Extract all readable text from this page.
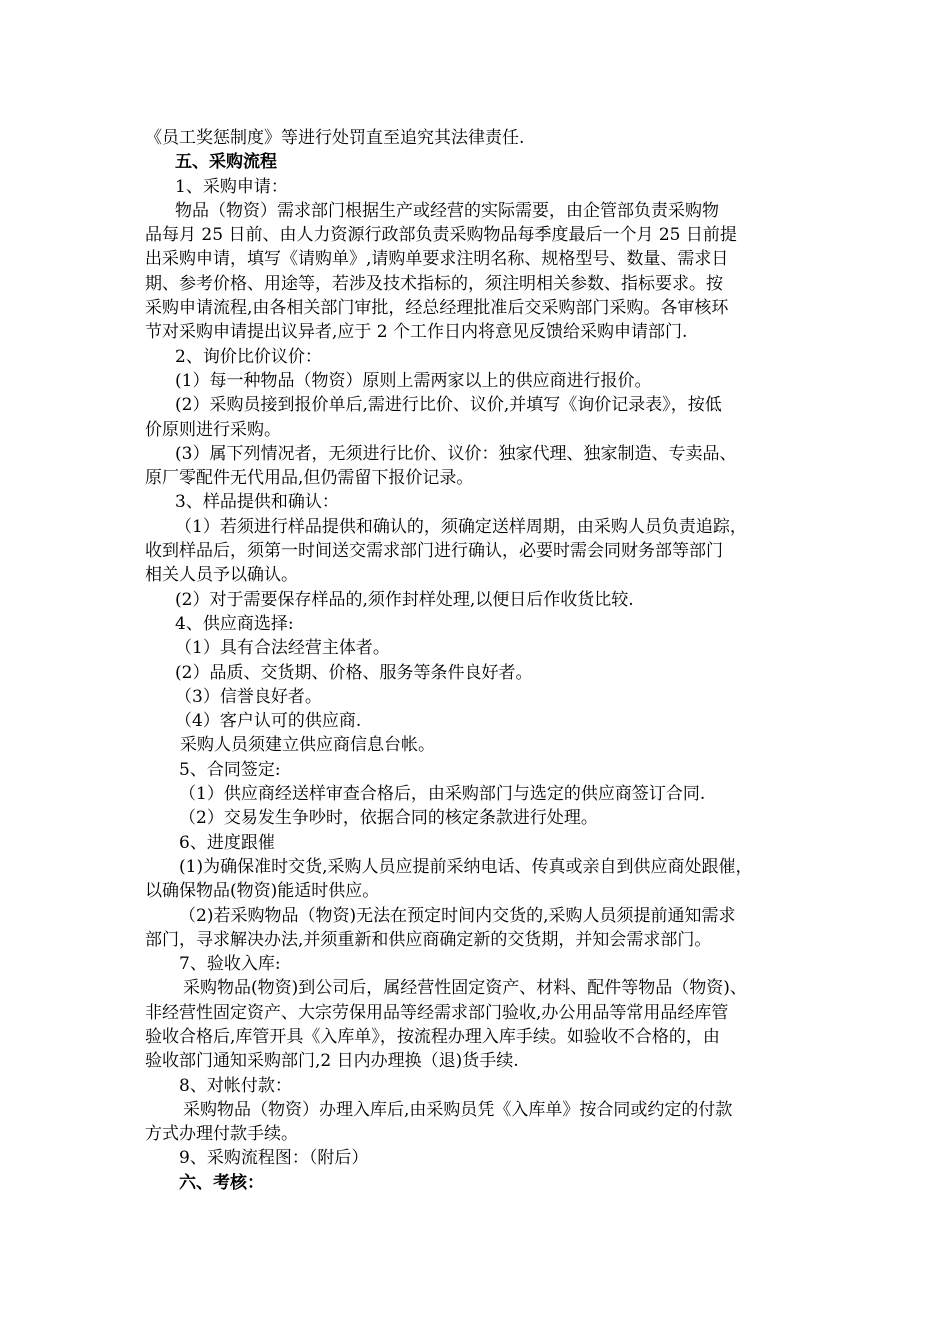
《员工奖惩制度》等进行处罚直至追究其法律责任.
五、采购流程
1、采购申请：
物品（物资）需求部门根据生产或经营的实际需要，由企管部负责采购物
品每月 25 日前、由人力资源行政部负责采购物品每季度最后一个月 25 日前提
出采购申请，填写《请购单》,请购单要求注明名称、规格型号、数量、需求日
期、参考价格、用途等，若涉及技术指标的，须注明相关参数、指标要求。按
采购申请流程,由各相关部门审批，经总经理批准后交采购部门采购。各审核环
节对采购申请提出议异者,应于 2 个工作日内将意见反馈给采购申请部门.
2、询价比价议价：
(1）每一种物品（物资）原则上需两家以上的供应商进行报价。
(2）采购员接到报价单后,需进行比价、议价,并填写《询价记录表》，按低
价原则进行采购。
(3）属下列情况者，无须进行比价、议价：独家代理、独家制造、专卖品、
原厂零配件无代用品,但仍需留下报价记录。
3、样品提供和确认：
（1）若须进行样品提供和确认的，须确定送样周期，由采购人员负责追踪，
收到样品后，须第一时间送交需求部门进行确认，必要时需会同财务部等部门
相关人员予以确认。
(2）对于需要保存样品的,须作封样处理,以便日后作收货比较.
4、供应商选择:
（1）具有合法经营主体者。
(2）品质、交货期、价格、服务等条件良好者。
（3）信誉良好者。
（4）客户认可的供应商.
采购人员须建立供应商信息台帐。
5、合同签定:
（1）供应商经送样审查合格后，由采购部门与选定的供应商签订合同.
（2）交易发生争吵时，依据合同的核定条款进行处理。
6、进度跟催
(1)为确保准时交货,采购人员应提前采纳电话、传真或亲自到供应商处跟催，
以确保物品(物资)能适时供应。
（2)若采购物品（物资)无法在预定时间内交货的,采购人员须提前通知需求
部门，寻求解决办法,并须重新和供应商确定新的交货期，并知会需求部门。
7、验收入库:
采购物品(物资)到公司后，属经营性固定资产、材料、配件等物品（物资)、
非经营性固定资产、大宗劳保用品等经需求部门验收,办公用品等常用品经库管
验收合格后,库管开具《入库单》，按流程办理入库手续。如验收不合格的，由
验收部门通知采购部门,2 日内办理换（退)货手续.
8、对帐付款：
采购物品（物资）办理入库后,由采购员凭《入库单》按合同或约定的付款
方式办理付款手续。
9、采购流程图：（附后）
六、考核：
